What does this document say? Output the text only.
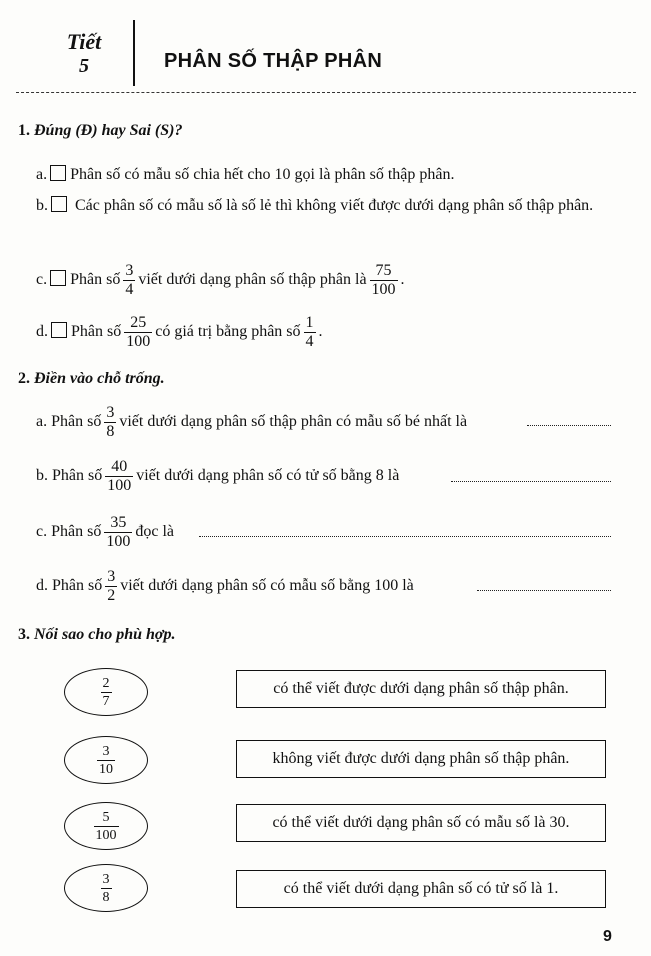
Tiết
5	PHÂN SỐ THẬP PHÂN
1. Đúng (Đ) hay Sai (S)?
a. Phân số có mẫu số chia hết cho 10 gọi là phân số thập phân.
b. Các phân số có mẫu số là số lẻ thì không viết được dưới dạng phân số thập phân.
c. Phân số $\frac{3}{4}$ viết dưới dạng phân số thập phân là $\frac{75}{100}$ .
d. Phân số $\frac{25}{100}$ có giá trị bằng phân số $\frac{1}{4}$ .
2. Điền vào chỗ trống.
a. Phân số $\frac{3}{8}$ viết dưới dạng phân số thập phân có mẫu số bé nhất là
b. Phân số $\frac{40}{100}$ viết dưới dạng phân số có tử số bằng 8 là
c. Phân số $\frac{35}{100}$ đọc là
d. Phân số $\frac{3}{2}$ viết dưới dạng phân số có mẫu số bằng 100 là
3. Nối sao cho phù hợp.
$\frac{2}{7}$
$\frac{3}{10}$
$\frac{5}{100}$
$\frac{3}{8}$
có thể viết được dưới dạng phân số thập phân.
không viết được dưới dạng phân số thập phân.
có thể viết dưới dạng phân số có mẫu số là 30.
có thể viết dưới dạng phân số có tử số là 1.
9
